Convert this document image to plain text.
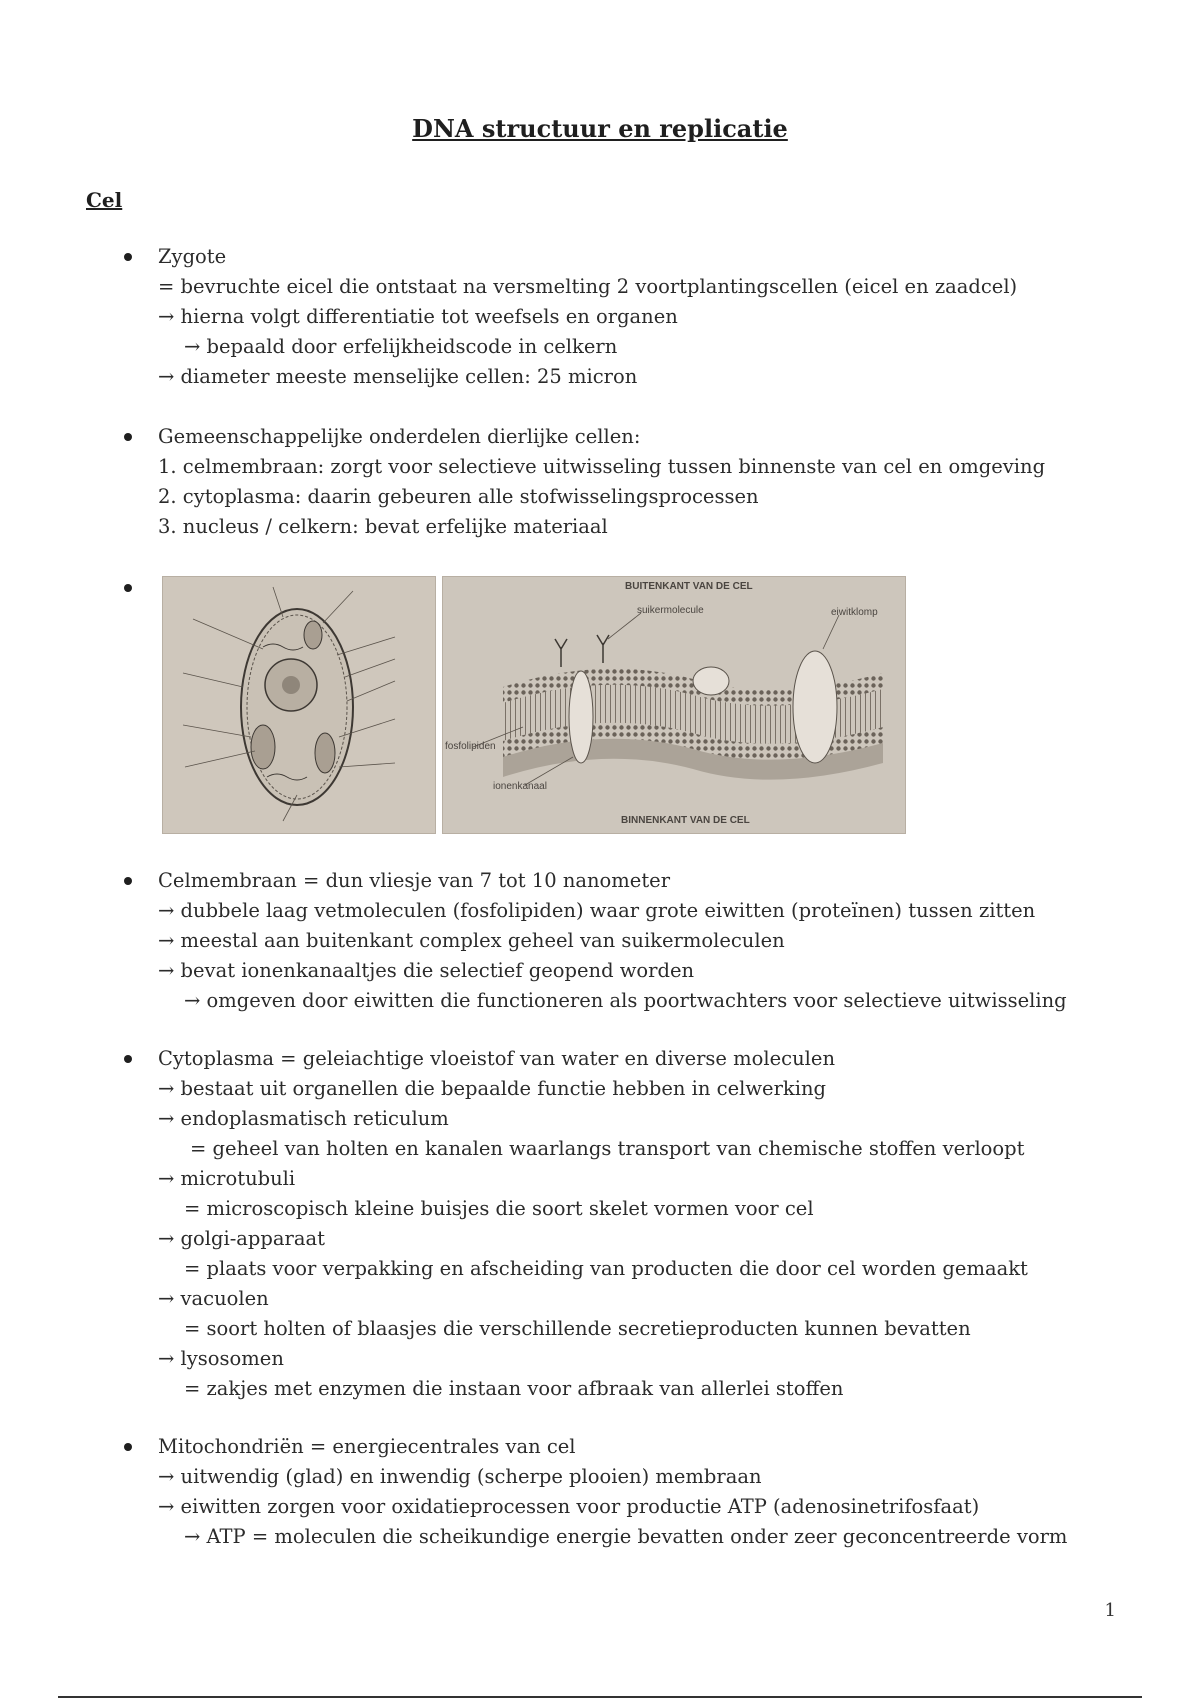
DNA structuur en replicatie
Cel
Zygote
= bevruchte eicel die ontstaat na versmelting 2 voortplantingscellen (eicel en zaadcel)
→ hierna volgt differentiatie tot weefsels en organen
→ bepaald door erfelijkheidscode in celkern
→ diameter meeste menselijke cellen: 25 micron
Gemeenschappelijke onderdelen dierlijke cellen:
1. celmembraan: zorgt voor selectieve uitwisseling tussen binnenste van cel en omgeving
2. cytoplasma: daarin gebeuren alle stofwisselingsprocessen
3. nucleus / celkern: bevat erfelijke materiaal
BUITENKANT VAN DE CEL
suikermolecule	eiwitklomp
fosfolipiden
ionenkanaal
BINNENKANT VAN DE CEL
Celmembraan = dun vliesje van 7 tot 10 nanometer
→ dubbele laag vetmoleculen (fosfolipiden) waar grote eiwitten (proteïnen) tussen zitten
→ meestal aan buitenkant complex geheel van suikermoleculen
→ bevat ionenkanaaltjes die selectief geopend worden
→ omgeven door eiwitten die functioneren als poortwachters voor selectieve uitwisseling
Cytoplasma = geleiachtige vloeistof van water en diverse moleculen
→ bestaat uit organellen die bepaalde functie hebben in celwerking
→ endoplasmatisch reticulum
= geheel van holten en kanalen waarlangs transport van chemische stoffen verloopt
→ microtubuli
= microscopisch kleine buisjes die soort skelet vormen voor cel
→ golgi-apparaat
= plaats voor verpakking en afscheiding van producten die door cel worden gemaakt
→ vacuolen
= soort holten of blaasjes die verschillende secretieproducten kunnen bevatten
→ lysosomen
= zakjes met enzymen die instaan voor afbraak van allerlei stoffen
Mitochondriën = energiecentrales van cel
→ uitwendig (glad) en inwendig (scherpe plooien) membraan
→ eiwitten zorgen voor oxidatieprocessen voor productie ATP (adenosinetrifosfaat)
→ ATP = moleculen die scheikundige energie bevatten onder zeer geconcentreerde vorm
1
